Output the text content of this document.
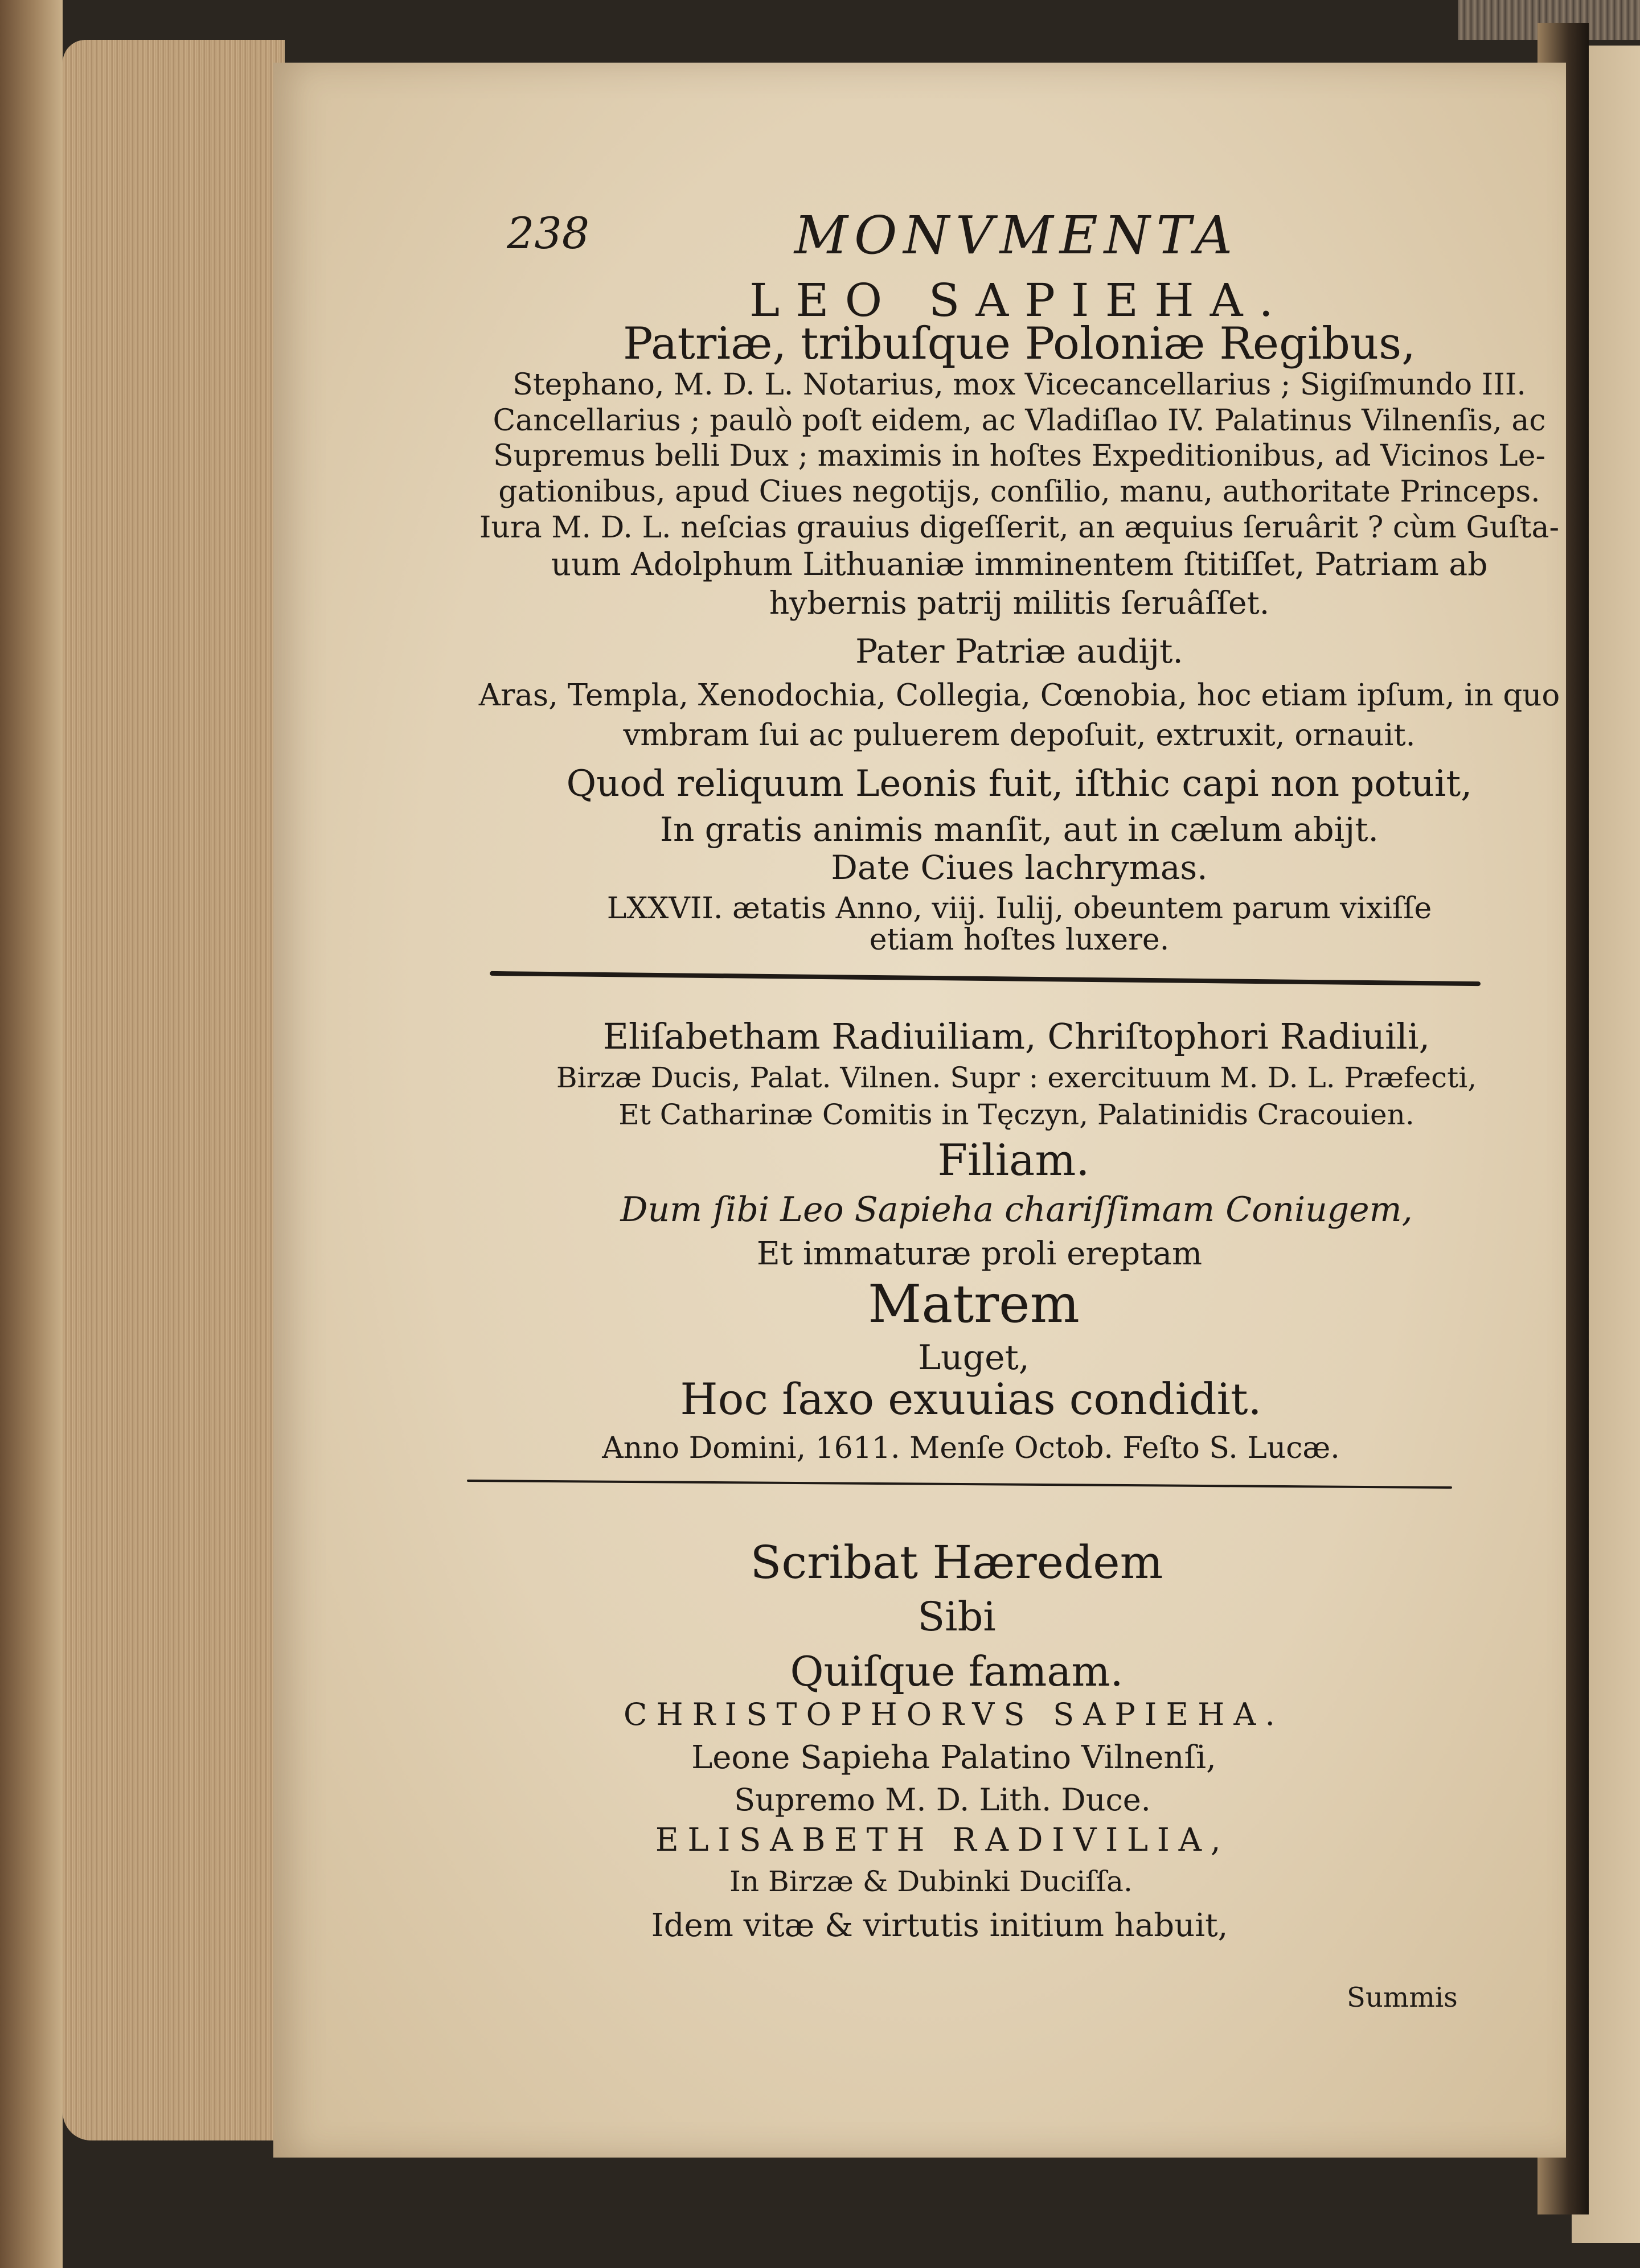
238	MONVMENTA
LEO SAPIEHA.
Patriæ, tribuſque Poloniæ Regibus,
Stephano, M. D. L. Notarius, mox Vicecancellarius ; Sigiſmundo III.
Cancellarius ; paulò poſt eidem, ac Vladiſlao IV. Palatinus Vilnenſis, ac
Supremus belli Dux ; maximis in hoſtes Expeditionibus, ad Vicinos Le-
gationibus, apud Ciues negotijs, conſilio, manu, authoritate Princeps.
Iura M. D. L. neſcias grauius digeſſerit, an æquius ſeruârit ? cùm Guſta-
uum Adolphum Lithuaniæ imminentem ſtitiſſet, Patriam ab
hybernis patrij militis ſeruâſſet.
Pater Patriæ audijt.
Aras, Templa, Xenodochia, Collegia, Cœnobia, hoc etiam ipſum, in quo
vmbram ſui ac puluerem depoſuit, extruxit, ornauit.
Quod reliquum Leonis fuit, iſthic capi non potuit,
In gratis animis manſit, aut in cælum abijt.
Date Ciues lachrymas.
LXXVII. ætatis Anno, viij. Iulij, obeuntem parum vixiſſe
etiam hoſtes luxere.
Eliſabetham Radiuiliam, Chriſtophori Radiuili,
Birzæ Ducis, Palat. Vilnen. Supr : exercituum M. D. L. Præfecti,
Et Catharinæ Comitis in Tęczyn, Palatinidis Cracouien.
Filiam.
Dum ſibi Leo Sapieha chariſſimam Coniugem,
Et immaturæ proli ereptam
Matrem
Luget,
Hoc ſaxo exuuias condidit.
Anno Domini, 1611. Menſe Octob. Feſto S. Lucæ.
Scribat Hæredem
Sibi
Quiſque famam.
CHRISTOPHORVS SAPIEHA.
Leone Sapieha Palatino Vilnenſi,
Supremo M. D. Lith. Duce.
ELISABETH RADIVILIA,
In Birzæ & Dubinki Duciſſa.
Idem vitæ & virtutis initium habuit,
Summis
